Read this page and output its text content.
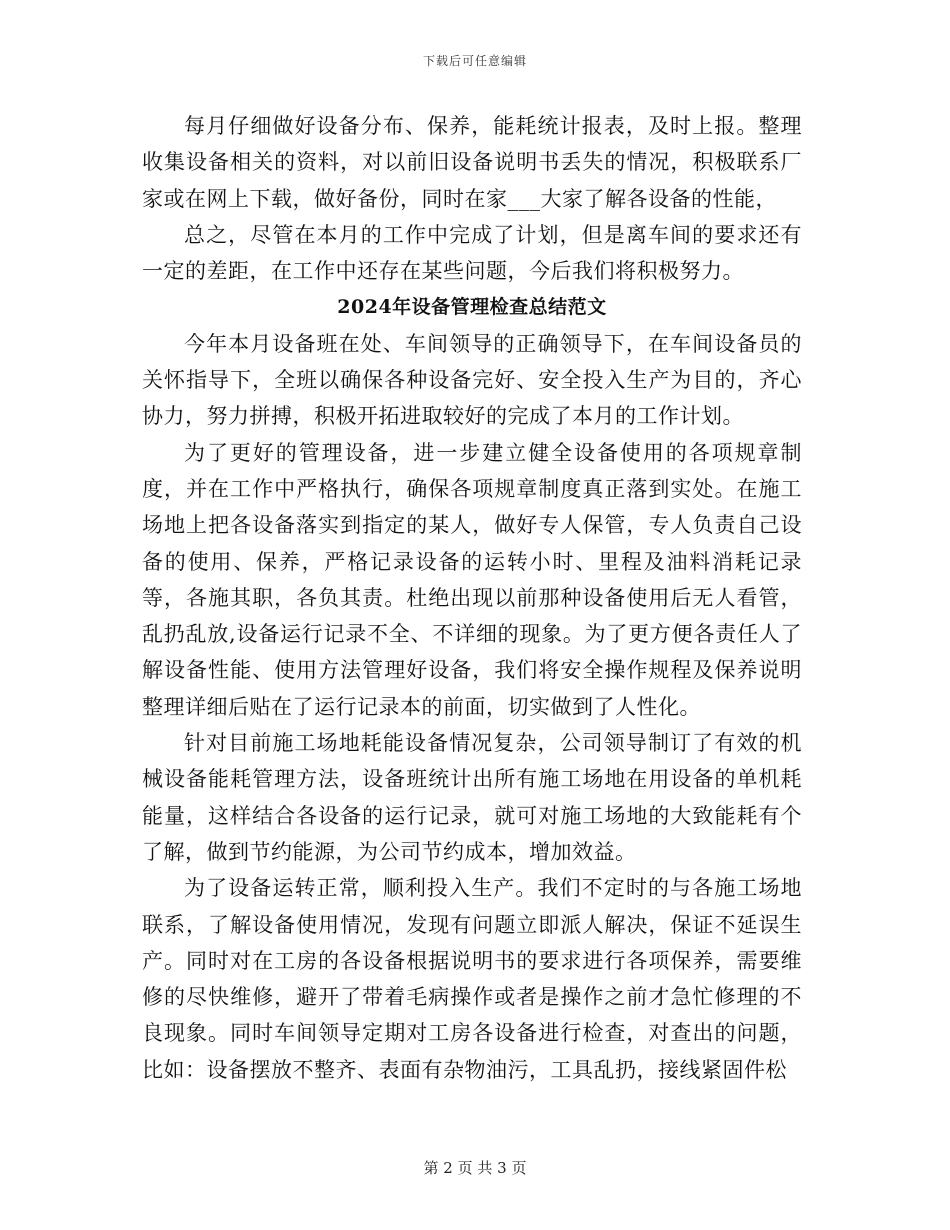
下载后可任意编辑

每月仔细做好设备分布、保养，能耗统计报表，及时上报。整理收集设备相关的资料，对以前旧设备说明书丢失的情况，积极联系厂家或在网上下载，做好备份，同时在家___大家了解各设备的性能，

总之，尽管在本月的工作中完成了计划，但是离车间的要求还有一定的差距，在工作中还存在某些问题，今后我们将积极努力。

2024年设备管理检查总结范文

今年本月设备班在处、车间领导的正确领导下，在车间设备员的关怀指导下，全班以确保各种设备完好、安全投入生产为目的，齐心协力，努力拼搏，积极开拓进取较好的完成了本月的工作计划。

为了更好的管理设备，进一步建立健全设备使用的各项规章制度，并在工作中严格执行，确保各项规章制度真正落到实处。在施工场地上把各设备落实到指定的某人，做好专人保管，专人负责自己设备的使用、保养，严格记录设备的运转小时、里程及油料消耗记录等，各施其职，各负其责。杜绝出现以前那种设备使用后无人看管，乱扔乱放,设备运行记录不全、不详细的现象。为了更方便各责任人了解设备性能、使用方法管理好设备，我们将安全操作规程及保养说明整理详细后贴在了运行记录本的前面，切实做到了人性化。

针对目前施工场地耗能设备情况复杂，公司领导制订了有效的机械设备能耗管理方法，设备班统计出所有施工场地在用设备的单机耗能量，这样结合各设备的运行记录，就可对施工场地的大致能耗有个了解，做到节约能源，为公司节约成本，增加效益。

为了设备运转正常，顺利投入生产。我们不定时的与各施工场地联系，了解设备使用情况，发现有问题立即派人解决，保证不延误生产。同时对在工房的各设备根据说明书的要求进行各项保养，需要维修的尽快维修，避开了带着毛病操作或者是操作之前才急忙修理的不良现象。同时车间领导定期对工房各设备进行检查，对查出的问题，比如：设备摆放不整齐、表面有杂物油污，工具乱扔，接线紧固件松

第 2 页 共 3 页
